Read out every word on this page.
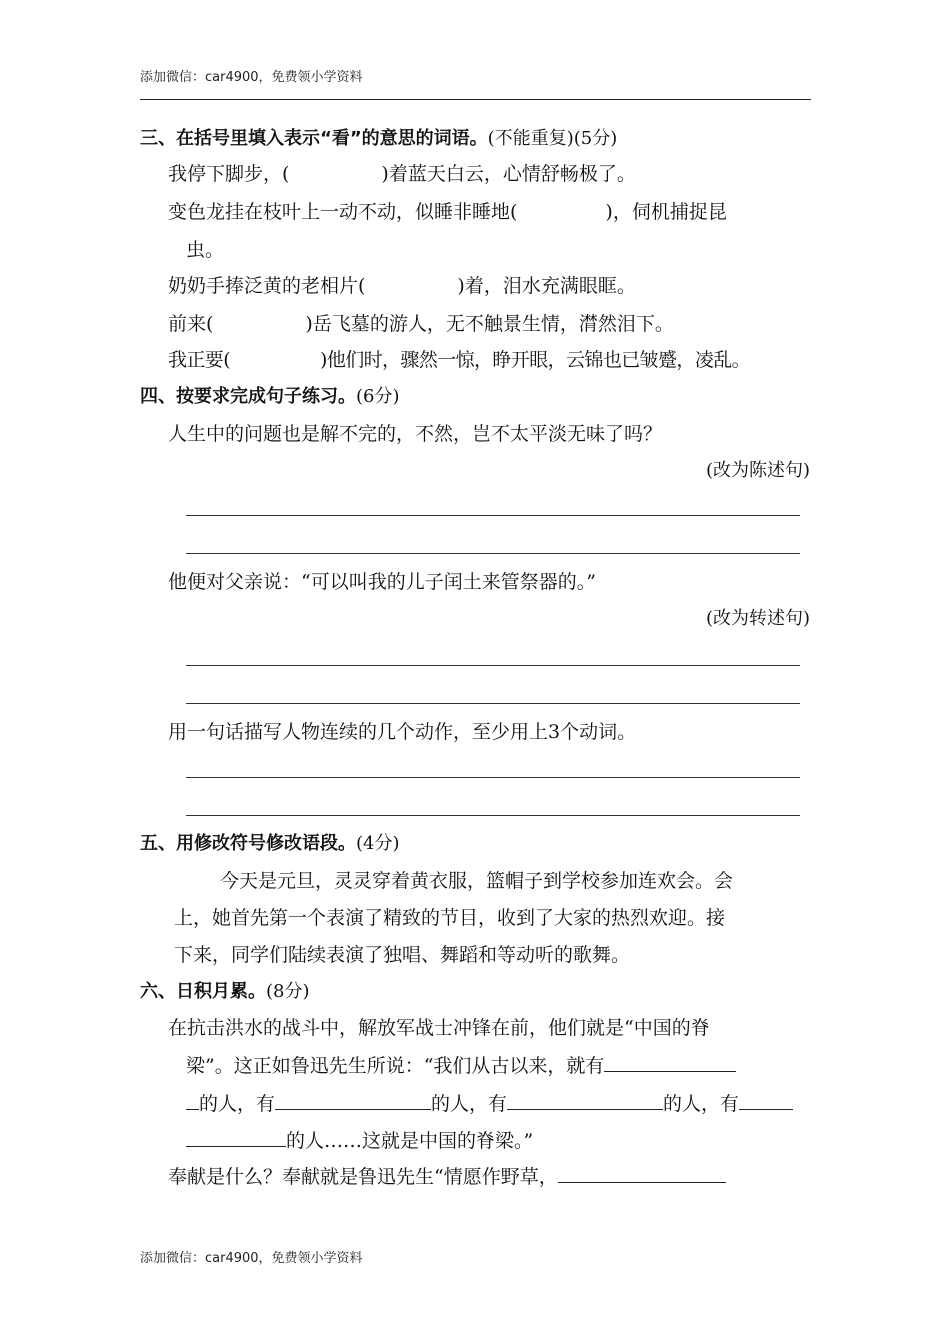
添加微信：car4900，免费领小学资料
三、在括号里填入表示“看”的意思的词语。(不能重复)(5分)
我停下脚步，(	)着蓝天白云，心情舒畅极了。
变色龙挂在枝叶上一动不动，似睡非睡地(	)，伺机捕捉昆
虫。
奶奶手捧泛黄的老相片(	)着，泪水充满眼眶。
前来(	)岳飞墓的游人，无不触景生情，潸然泪下。
我正要(	)他们时，骤然一惊，睁开眼，云锦也已皱蹙，凌乱。
四、按要求完成句子练习。(6分)
人生中的问题也是解不完的，不然，岂不太平淡无味了吗？
(改为陈述句)
他便对父亲说：“可以叫我的儿子闰土来管祭器的。”
(改为转述句)
用一句话描写人物连续的几个动作，至少用上3个动词。
五、用修改符号修改语段。(4分)
今天是元旦，灵灵穿着黄衣服，篮帽子到学校参加连欢会。会
上，她首先第一个表演了精致的节目，收到了大家的热烈欢迎。接
下来，同学们陆续表演了独唱、舞蹈和等动听的歌舞。
六、日积月累。(8分)
在抗击洪水的战斗中，解放军战士冲锋在前，他们就是“中国的脊
梁”。这正如鲁迅先生所说：“我们从古以来，就有
的人，有	的人，有	的人，有
的人……这就是中国的脊梁。”
奉献是什么？奉献就是鲁迅先生“情愿作野草，
添加微信：car4900，免费领小学资料
